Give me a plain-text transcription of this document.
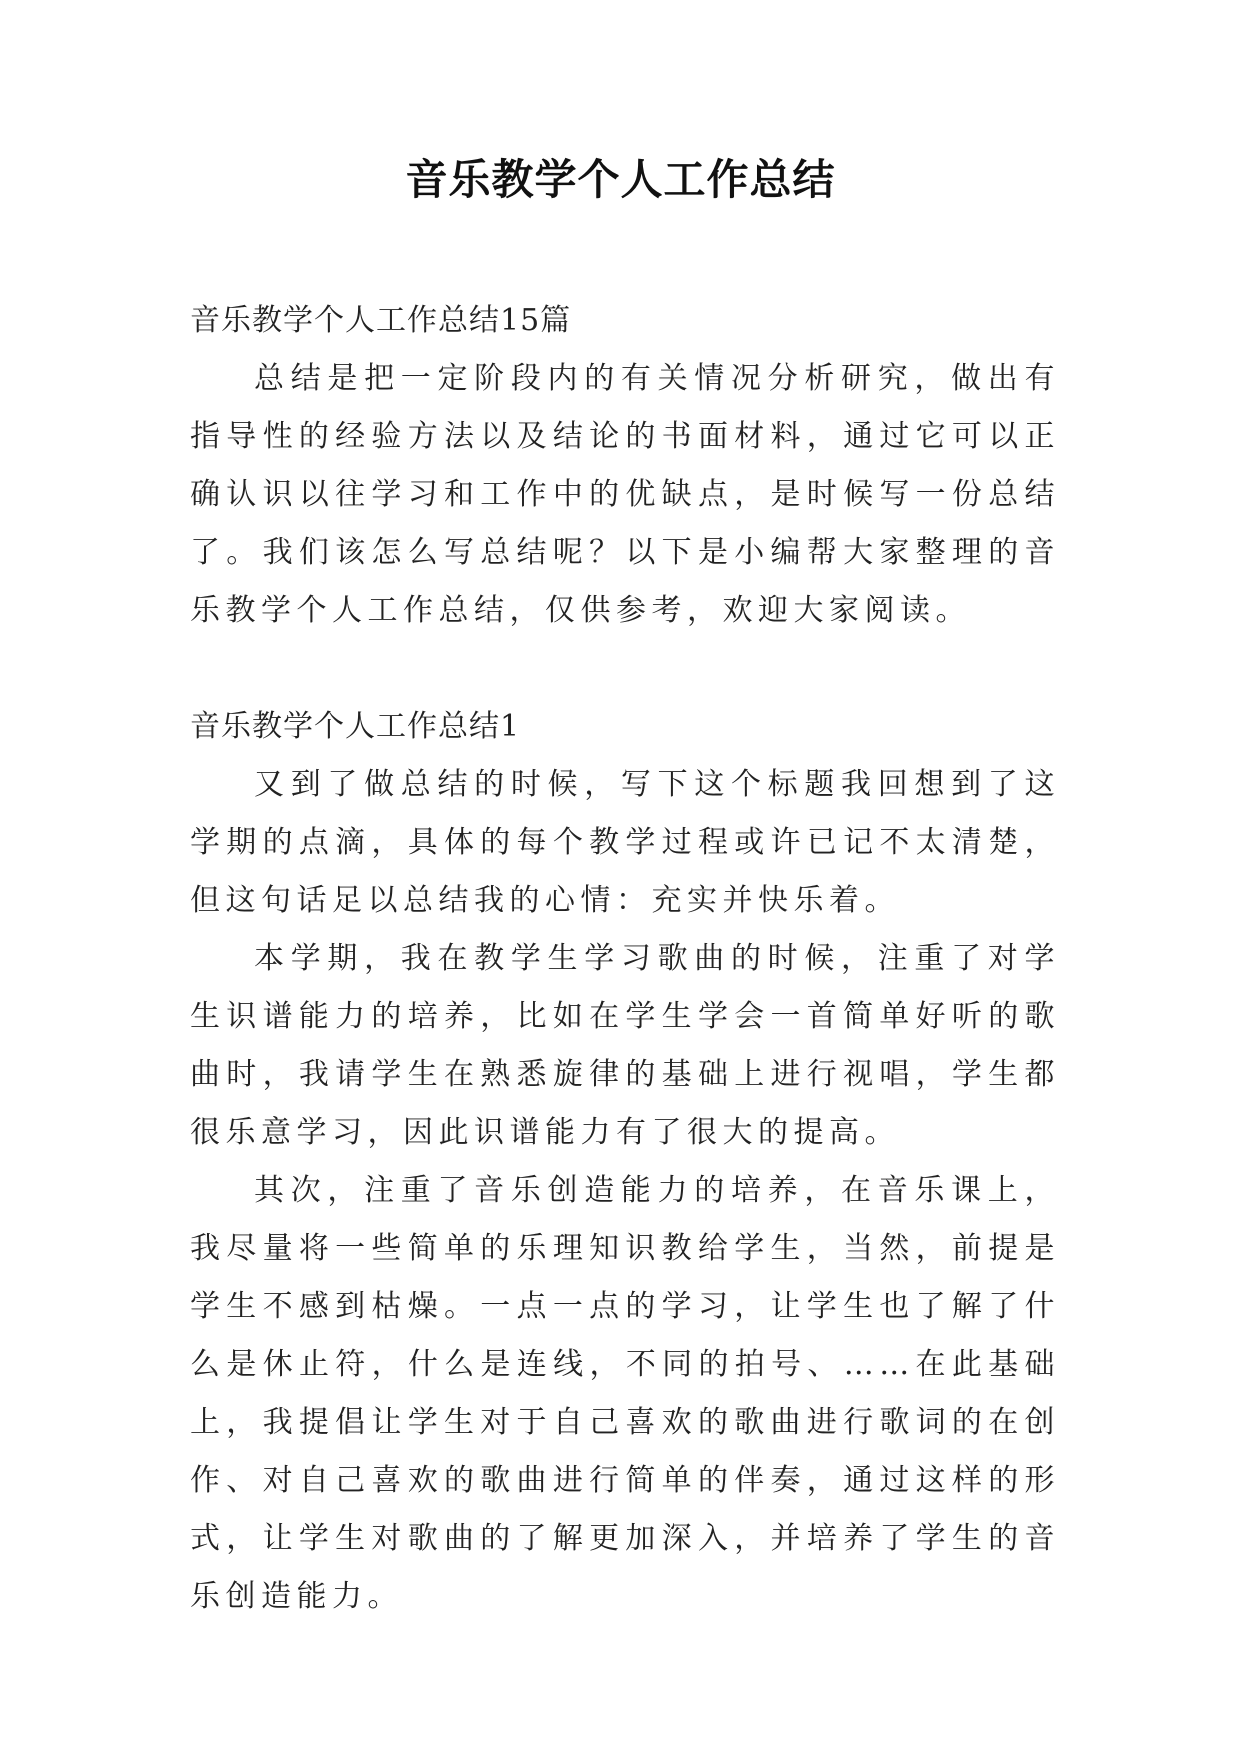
音乐教学个人工作总结

音乐教学个人工作总结15篇

总结是把一定阶段内的有关情况分析研究，做出有指导性的经验方法以及结论的书面材料，通过它可以正确认识以往学习和工作中的优缺点，是时候写一份总结了。我们该怎么写总结呢？以下是小编帮大家整理的音乐教学个人工作总结，仅供参考，欢迎大家阅读。

音乐教学个人工作总结1

又到了做总结的时候，写下这个标题我回想到了这学期的点滴，具体的每个教学过程或许已记不太清楚，但这句话足以总结我的心情：充实并快乐着。

本学期，我在教学生学习歌曲的时候，注重了对学生识谱能力的培养，比如在学生学会一首简单好听的歌曲时，我请学生在熟悉旋律的基础上进行视唱，学生都很乐意学习，因此识谱能力有了很大的提高。

其次，注重了音乐创造能力的培养，在音乐课上，我尽量将一些简单的乐理知识教给学生，当然，前提是学生不感到枯燥。一点一点的学习，让学生也了解了什么是休止符，什么是连线，不同的拍号、……在此基础上，我提倡让学生对于自己喜欢的歌曲进行歌词的在创作、对自己喜欢的歌曲进行简单的伴奏，通过这样的形式，让学生对歌曲的了解更加深入，并培养了学生的音乐创造能力。
